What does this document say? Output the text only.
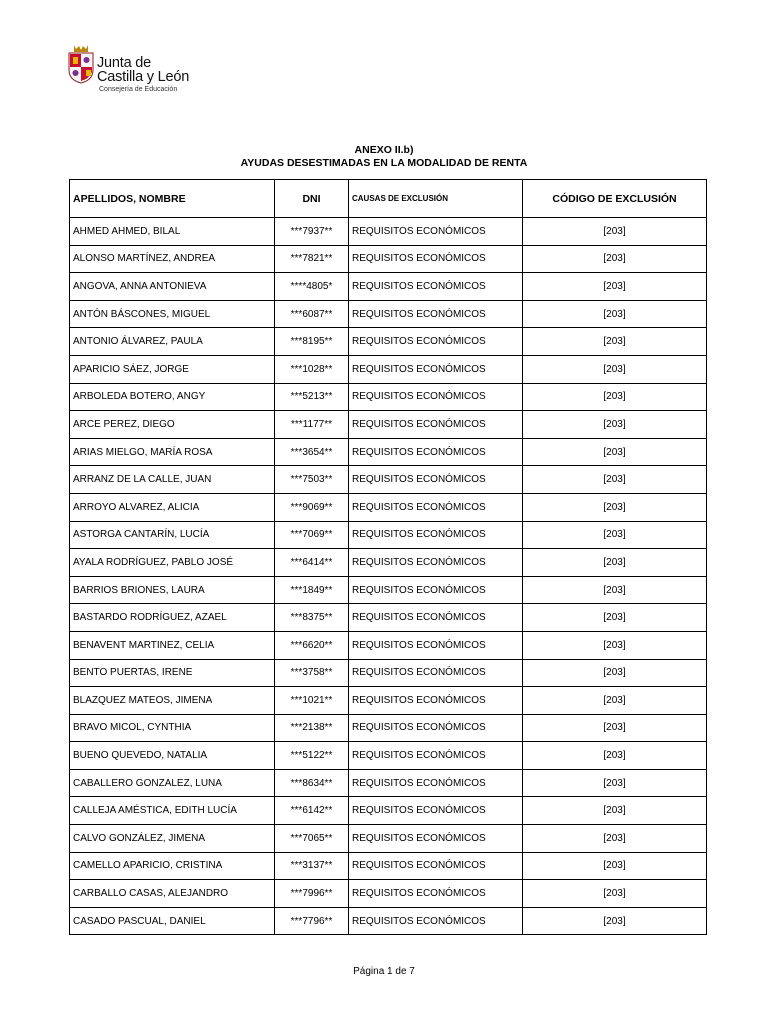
Junta de
Castilla y León
Consejería de Educación
ANEXO II.b)
AYUDAS DESESTIMADAS EN LA MODALIDAD DE RENTA
APELLIDOS, NOMBRE	DNI	CAUSAS DE EXCLUSIÓN	CÓDIGO DE EXCLUSIÓN
AHMED AHMED, BILAL	***7937**	REQUISITOS ECONÓMICOS	[203]
ALONSO MARTÍNEZ, ANDREA	***7821**	REQUISITOS ECONÓMICOS	[203]
ANGOVA, ANNA ANTONIEVA	****4805*	REQUISITOS ECONÓMICOS	[203]
ANTÓN BÁSCONES, MIGUEL	***6087**	REQUISITOS ECONÓMICOS	[203]
ANTONIO ÁLVAREZ, PAULA	***8195**	REQUISITOS ECONÓMICOS	[203]
APARICIO SÁEZ, JORGE	***1028**	REQUISITOS ECONÓMICOS	[203]
ARBOLEDA BOTERO, ANGY	***5213**	REQUISITOS ECONÓMICOS	[203]
ARCE PEREZ, DIEGO	***1177**	REQUISITOS ECONÓMICOS	[203]
ARIAS MIELGO, MARÍA ROSA	***3654**	REQUISITOS ECONÓMICOS	[203]
ARRANZ DE LA CALLE, JUAN	***7503**	REQUISITOS ECONÓMICOS	[203]
ARROYO ALVAREZ, ALICIA	***9069**	REQUISITOS ECONÓMICOS	[203]
ASTORGA CANTARÍN, LUCÍA	***7069**	REQUISITOS ECONÓMICOS	[203]
AYALA RODRÍGUEZ, PABLO JOSÉ	***6414**	REQUISITOS ECONÓMICOS	[203]
BARRIOS BRIONES, LAURA	***1849**	REQUISITOS ECONÓMICOS	[203]
BASTARDO RODRÍGUEZ, AZAEL	***8375**	REQUISITOS ECONÓMICOS	[203]
BENAVENT MARTINEZ, CELIA	***6620**	REQUISITOS ECONÓMICOS	[203]
BENTO PUERTAS, IRENE	***3758**	REQUISITOS ECONÓMICOS	[203]
BLAZQUEZ MATEOS, JIMENA	***1021**	REQUISITOS ECONÓMICOS	[203]
BRAVO MICOL, CYNTHIA	***2138**	REQUISITOS ECONÓMICOS	[203]
BUENO QUEVEDO, NATALIA	***5122**	REQUISITOS ECONÓMICOS	[203]
CABALLERO GONZALEZ, LUNA	***8634**	REQUISITOS ECONÓMICOS	[203]
CALLEJA AMÉSTICA, EDITH LUCÍA	***6142**	REQUISITOS ECONÓMICOS	[203]
CALVO GONZÁLEZ, JIMENA	***7065**	REQUISITOS ECONÓMICOS	[203]
CAMELLO APARICIO, CRISTINA	***3137**	REQUISITOS ECONÓMICOS	[203]
CARBALLO CASAS, ALEJANDRO	***7996**	REQUISITOS ECONÓMICOS	[203]
CASADO PASCUAL, DANIEL	***7796**	REQUISITOS ECONÓMICOS	[203]
Página 1 de 7
